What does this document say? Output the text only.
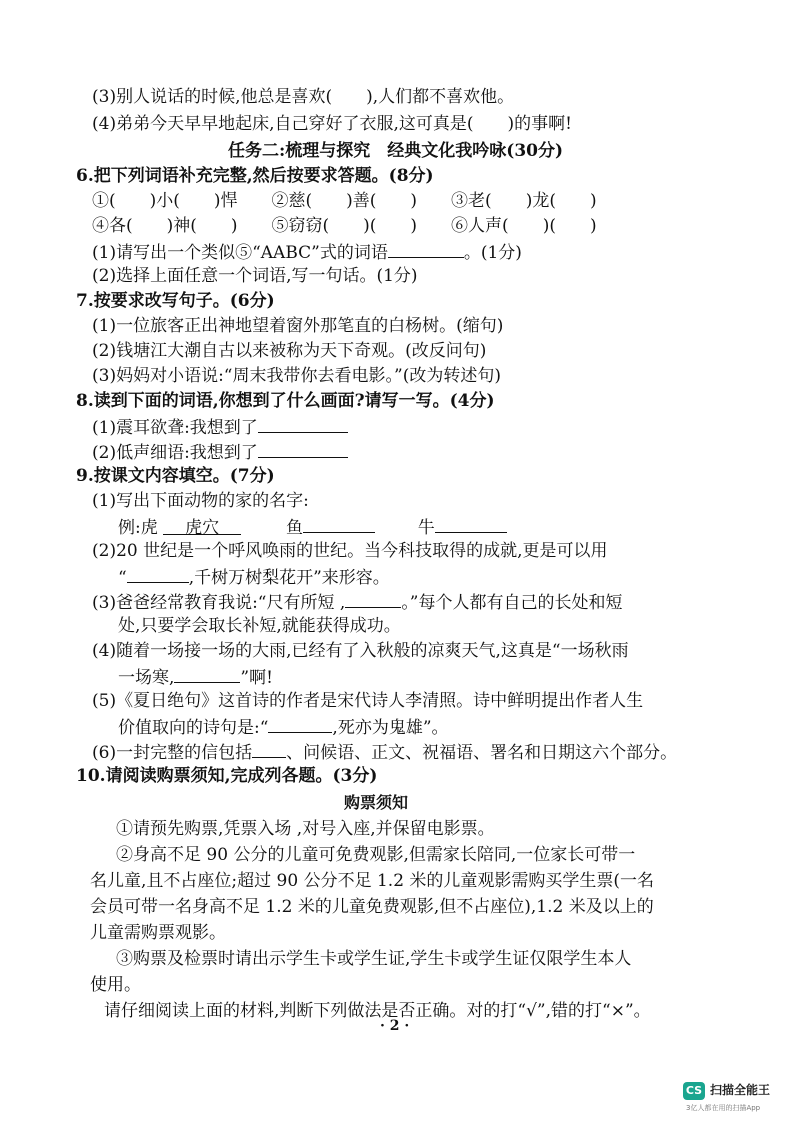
(3)别人说话的时候,他总是喜欢(　　),人们都不喜欢他。
(4)弟弟今天早早地起床,自己穿好了衣服,这可真是(　　)的事啊!
任务二:梳理与探究　经典文化我吟咏(30分)
6.把下列词语补充完整,然后按要求答题。(8分)
①(　　)小(　　)悍　　②慈(　　)善(　　)　　③老(　　)龙(　　)
④各(　　)神(　　)　　⑤窃窃(　　)(　　)　　⑥人声(　　)(　　)
(1)请写出一个类似⑤“AABC”式的词语	。(1分)
(2)选择上面任意一个词语,写一句话。(1分)
7.按要求改写句子。(6分)
(1)一位旅客正出神地望着窗外那笔直的白杨树。(缩句)
(2)钱塘江大潮自古以来被称为天下奇观。(改反问句)
(3)妈妈对小语说:“周末我带你去看电影。”(改为转述句)
8.读到下面的词语,你想到了什么画面?请写一写。(4分)
(1)震耳欲聋:我想到了
(2)低声细语:我想到了
9.按课文内容填空。(7分)
(1)写出下面动物的家的名字:
例:虎 虎穴	鱼	牛
(2)20 世纪是一个呼风唤雨的世纪。当今科技取得的成就,更是可以用
“	,千树万树梨花开”来形容。
(3)爸爸经常教育我说:“尺有所短 ,	。”每个人都有自己的长处和短
处,只要学会取长补短,就能获得成功。
(4)随着一场接一场的大雨,已经有了入秋般的凉爽天气,这真是“一场秋雨
一场寒,	”啊!
(5)《夏日绝句》这首诗的作者是宋代诗人李清照。诗中鲜明提出作者人生
价值取向的诗句是:“	,死亦为鬼雄”。
(6)一封完整的信包括 、问候语、正文、祝福语、署名和日期这六个部分。
10.请阅读购票须知,完成列各题。(3分)
购票须知
①请预先购票,凭票入场 ,对号入座,并保留电影票。
②身高不足 90 公分的儿童可免费观影,但需家长陪同,一位家长可带一
名儿童,且不占座位;超过 90 公分不足 1.2 米的儿童观影需购买学生票(一名
会员可带一名身高不足 1.2 米的儿童免费观影,但不占座位),1.2 米及以上的
儿童需购票观影。
③购票及检票时请出示学生卡或学生证,学生卡或学生证仅限学生本人
使用。
请仔细阅读上面的材料,判断下列做法是否正确。对的打“√”,错的打“×”。
· 2 ·
CS 扫描全能王
3亿人都在用的扫描App
